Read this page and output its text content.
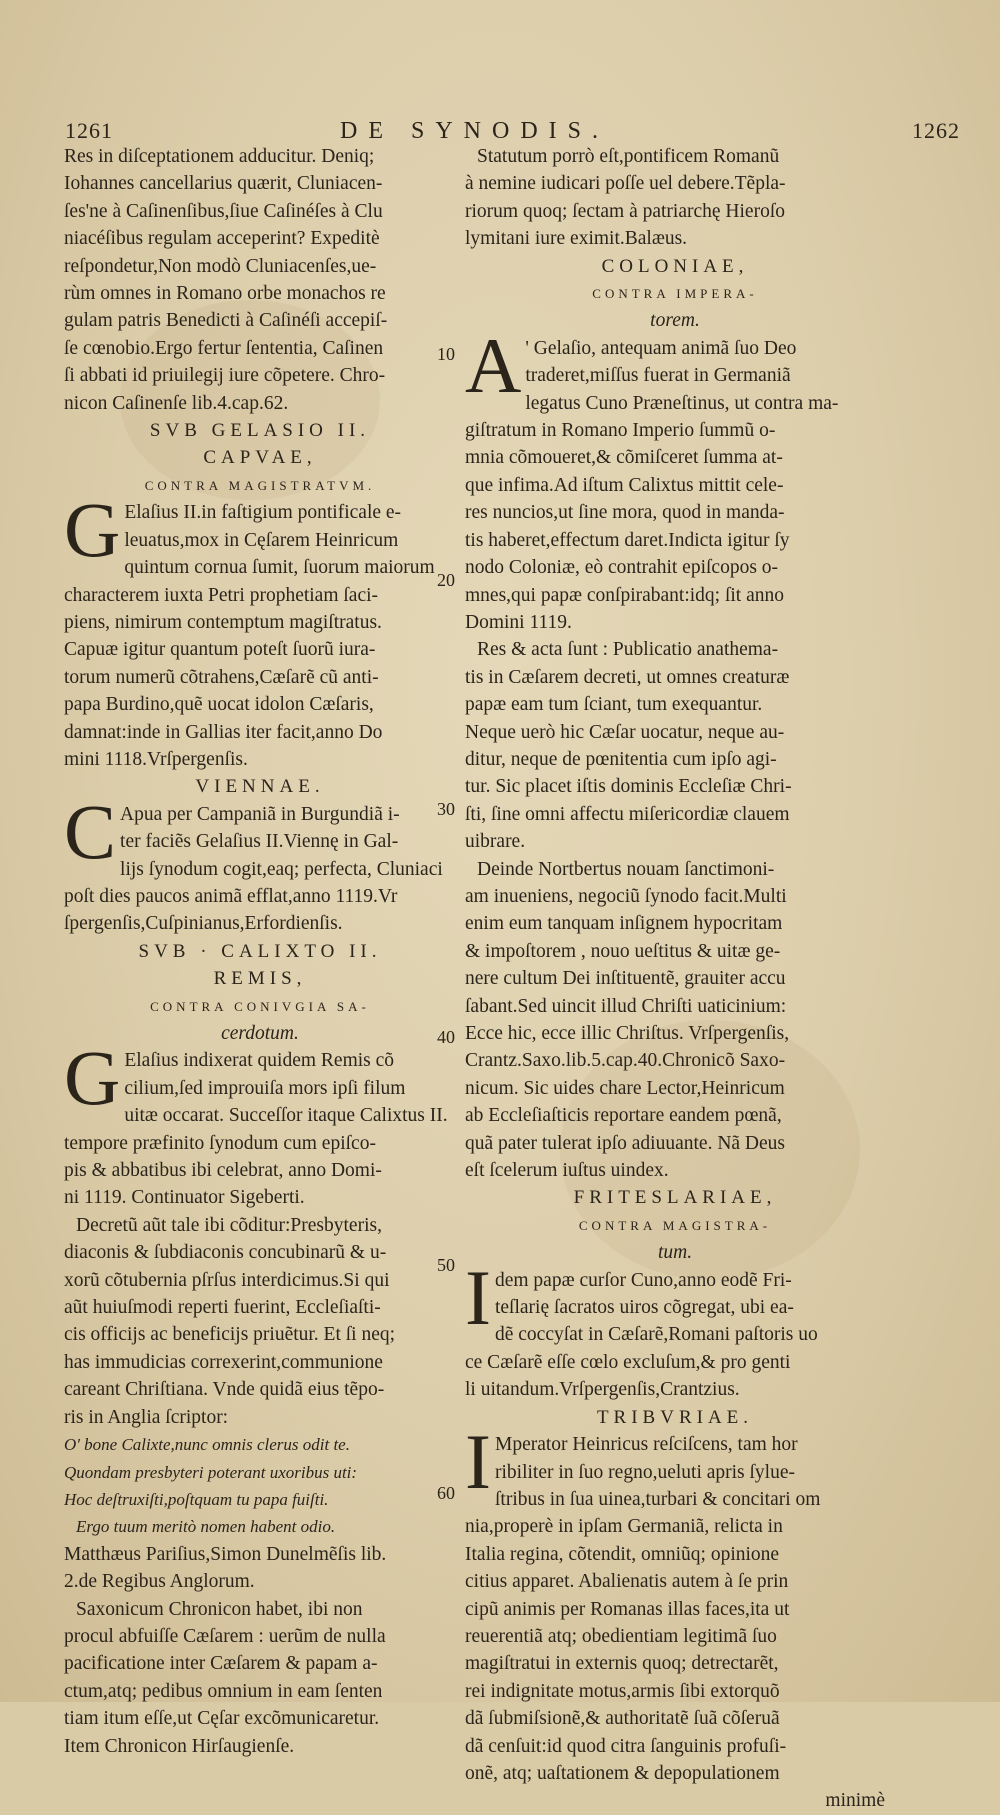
1261	DE SYNODIS.	1262
Res in diſceptationem adducitur. Deniq;
Iohannes cancellarius quærit, Cluniacen-
ſes'ne à Caſinenſibus,ſiue Caſinéſes à Clu
niacéſibus regulam acceperint? Expeditè
reſpondetur,Non modò Cluniacenſes,ue-
rùm omnes in Romano orbe monachos re
gulam patris Benedicti à Caſinéſi accepiſ-
ſe cœnobio.Ergo fertur ſententia, Caſinen
ſi abbati id priuilegij iure cõpetere. Chro-
nicon Caſinenſe lib.4.cap.62.
SVB GELASIO II.
CAPVAE,
CONTRA MAGISTRATVM.
G Elaſius II.in faſtigium pontificale e-
leuatus,mox in Cęſarem Heinricum
quintum cornua ſumit, ſuorum maiorum
characterem iuxta Petri prophetiam ſaci-
piens, nimirum contemptum magiſtratus.
Capuæ igitur quantum poteſt ſuorũ iura-
torum numerũ cõtrahens,Cæſarẽ cũ anti-
papa Burdino,quẽ uocat idolon Cæſaris,
damnat:inde in Gallias iter facit,anno Do
mini 1118.Vrſpergenſis.
VIENNAE.
C Apua per Campaniã in Burgundiã i-
ter faciẽs Gelaſius II.Viennę in Gal-
lijs ſynodum cogit,eaq; perfecta, Cluniaci
poſt dies paucos animã efflat,anno 1119.Vr
ſpergenſis,Cuſpinianus,Erfordienſis.
SVB · CALIXTO II.
REMIS,
CONTRA CONIVGIA SA-
cerdotum.
G Elaſius indixerat quidem Remis cõ
cilium,ſed improuiſa mors ipſi filum
uitæ occarat. Succeſſor itaque Calixtus II.
tempore præfinito ſynodum cum epiſco-
pis & abbatibus ibi celebrat, anno Domi-
ni 1119. Continuator Sigeberti.
Decretũ aũt tale ibi cõditur:Presbyteris,
diaconis & ſubdiaconis concubinarũ & u-
xorũ cõtubernia pſrſus interdicimus.Si qui
aũt huiuſmodi reperti fuerint, Eccleſiaſti-
cis officijs ac beneficijs priuẽtur. Et ſi neq;
has immudicias correxerint,communione
careant Chriſtiana. Vnde quidã eius tẽpo-
ris in Anglia ſcriptor:
O' bone Calixte,nunc omnis clerus odit te.
Quondam presbyteri poterant uxoribus uti:
Hoc deſtruxiſti,poſtquam tu papa fuiſti.
Ergo tuum meritò nomen habent odio.
Matthæus Pariſius,Simon Dunelmẽſis lib.
2.de Regibus Anglorum.
Saxonicum Chronicon habet, ibi non
procul abfuiſſe Cæſarem : uerũm de nulla
pacificatione inter Cæſarem & papam a-
ctum,atq; pedibus omnium in eam ſenten
tiam itum eſſe,ut Cęſar excõmunicaretur.
Item Chronicon Hirſaugienſe.
10
20
30
40
50
60
Statutum porrò eſt,pontificem Romanũ
à nemine iudicari poſſe uel debere.Tẽpla-
riorum quoq; ſectam à patriarchę Hieroſo
lymitani iure eximit.Balæus.
COLONIAE,
CONTRA IMPERA-
torem.
A ' Gelaſio, antequam animã ſuo Deo
traderet,miſſus fuerat in Germaniã
legatus Cuno Præneſtinus, ut contra ma-
giſtratum in Romano Imperio ſummũ o-
mnia cõmoueret,& cõmiſceret ſumma at-
que infima.Ad iſtum Calixtus mittit cele-
res nuncios,ut ſine mora, quod in manda-
tis haberet,effectum daret.Indicta igitur ſy
nodo Coloniæ, eò contrahit epiſcopos o-
mnes,qui papæ conſpirabant:idq; ſit anno
Domini 1119.
Res & acta ſunt : Publicatio anathema-
tis in Cæſarem decreti, ut omnes creaturæ
papæ eam tum ſciant, tum exequantur.
Neque uerò hic Cæſar uocatur, neque au-
ditur, neque de pœnitentia cum ipſo agi-
tur. Sic placet iſtis dominis Eccleſiæ Chri-
ſti, ſine omni affectu miſericordiæ clauem
uibrare.
Deinde Nortbertus nouam ſanctimoni-
am inueniens, negociũ ſynodo facit.Multi
enim eum tanquam inſignem hypocritam
& impoſtorem , nouo ueſtitus & uitæ ge-
nere cultum Dei inſtituentẽ, grauiter accu
ſabant.Sed uincit illud Chriſti uaticinium:
Ecce hic, ecce illic Chriſtus. Vrſpergenſis,
Crantz.Saxo.lib.5.cap.40.Chronicõ Saxo-
nicum. Sic uides chare Lector,Heinricum
ab Eccleſiaſticis reportare eandem pœnã,
quã pater tulerat ipſo adiuuante. Nã Deus
eſt ſcelerum iuſtus uindex.
FRITESLARIAE,
CONTRA MAGISTRA-
tum.
I dem papæ curſor Cuno,anno eodẽ Fri-
teſlarię ſacratos uiros cõgregat, ubi ea-
dẽ coccyſat in Cæſarẽ,Romani paſtoris uo
ce Cæſarẽ eſſe cœlo excluſum,& pro genti
li uitandum.Vrſpergenſis,Crantzius.
TRIBVRIAE.
I Mperator Heinricus reſciſcens, tam hor
ribiliter in ſuo regno,ueluti apris ſylue-
ſtribus in ſua uinea,turbari & concitari om
nia,properè in ipſam Germaniã, relicta in
Italia regina, cõtendit, omniũq; opinione
citius apparet. Abalienatis autem à ſe prin
cipũ animis per Romanas illas faces,ita ut
reuerentiã atq; obedientiam legitimã ſuo
magiſtratui in externis quoq; detrectarẽt,
rei indignitate motus,armis ſibi extorquõ
dã ſubmiſsionẽ,& authoritatẽ ſuã cõſeruã
dã cenſuit:id quod citra ſanguinis profuſi-
onẽ, atq; uaſtationem & depopulationem
minimè
